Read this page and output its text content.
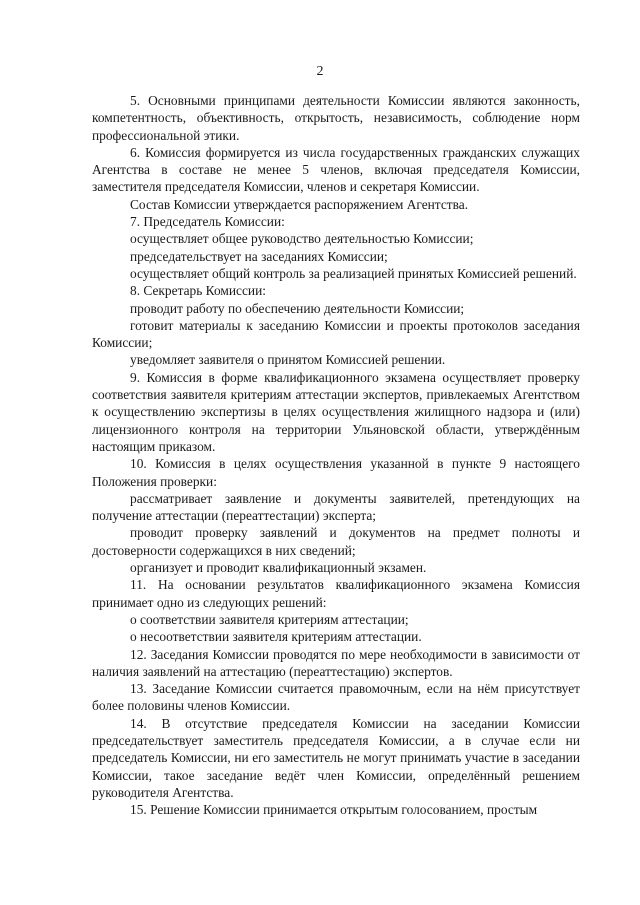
2

5. Основными принципами деятельности Комиссии являются законность, компетентность, объективность, открытость, независимость, соблюдение норм профессиональной этики.

6. Комиссия формируется из числа государственных гражданских служащих Агентства в составе не менее 5 членов, включая председателя Комиссии, заместителя председателя Комиссии, членов и секретаря Комиссии.

Состав Комиссии утверждается распоряжением Агентства.

7. Председатель Комиссии:

осуществляет общее руководство деятельностью Комиссии;

председательствует на заседаниях Комиссии;

осуществляет общий контроль за реализацией принятых Комиссией решений.

8. Секретарь Комиссии:

проводит работу по обеспечению деятельности Комиссии;

готовит материалы к заседанию Комиссии и проекты протоколов заседания Комиссии;

уведомляет заявителя о принятом Комиссией решении.

9. Комиссия в форме квалификационного экзамена осуществляет проверку соответствия заявителя критериям аттестации экспертов, привлекаемых Агентством к осуществлению экспертизы в целях осуществления жилищного надзора и (или) лицензионного контроля на территории Ульяновской области, утверждённым настоящим приказом.

10. Комиссия в целях осуществления указанной в пункте 9 настоящего Положения проверки:

рассматривает заявление и документы заявителей, претендующих на получение аттестации (переаттестации) эксперта;

проводит проверку заявлений и документов на предмет полноты и достоверности содержащихся в них сведений;

организует и проводит квалификационный экзамен.

11. На основании результатов квалификационного экзамена Комиссия принимает одно из следующих решений:

о соответствии заявителя критериям аттестации;

о несоответствии заявителя критериям аттестации.

12. Заседания Комиссии проводятся по мере необходимости в зависимости от наличия заявлений на аттестацию (переаттестацию) экспертов.

13. Заседание Комиссии считается правомочным, если на нём присутствует более половины членов Комиссии.

14. В отсутствие председателя Комиссии на заседании Комиссии председательствует заместитель председателя Комиссии, а в случае если ни председатель Комиссии, ни его заместитель не могут принимать участие в заседании Комиссии, такое заседание ведёт член Комиссии, определённый решением руководителя Агентства.

15. Решение Комиссии принимается открытым голосованием, простым
